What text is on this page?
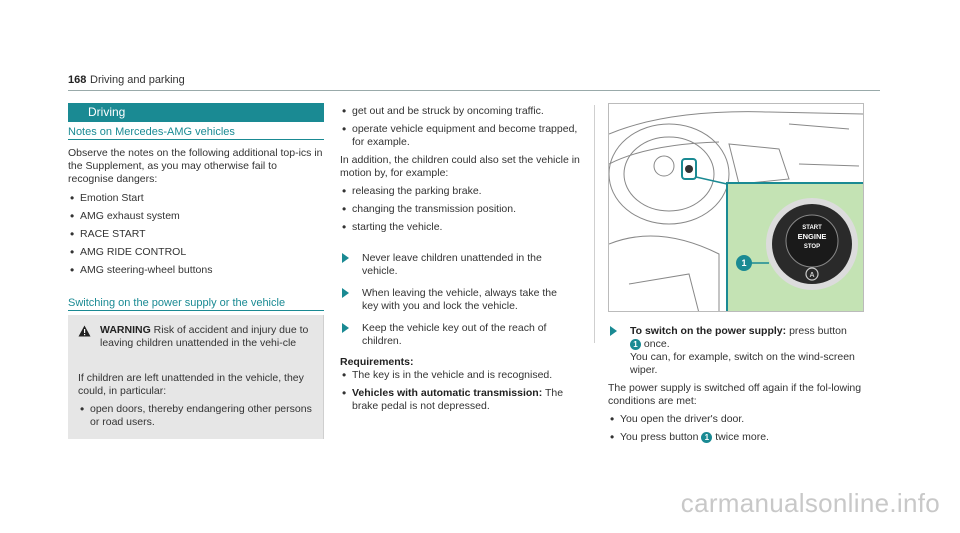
168 Driving and parking
Driving
Notes on Mercedes-AMG vehicles

Observe the notes on the following additional top-ics in the Supplement, as you may otherwise fail to recognise dangers:

• Emotion Start
• AMG exhaust system
• RACE START
• AMG RIDE CONTROL
• AMG steering-wheel buttons
Switching on the power supply or the vehicle
WARNING Risk of accident and injury due to leaving children unattended in the vehi-cle

If children are left unattended in the vehicle, they could, in particular:

• open doors, thereby endangering other persons or road users.
• get out and be struck by oncoming traffic.
• operate vehicle equipment and become trapped, for example.

In addition, the children could also set the vehicle in motion by, for example:

• releasing the parking brake.
• changing the transmission position.
• starting the vehicle.
Never leave children unattended in the vehicle.
When leaving the vehicle, always take the key with you and lock the vehicle.
Keep the vehicle key out of the reach of children.

Requirements:

• The key is in the vehicle and is recognised.
• Vehicles with automatic transmission: The brake pedal is not depressed.
1
START
ENGINE
STOP
A
To switch on the power supply: press button
1 once.

You can, for example, switch on the wind-screen wiper.

The power supply is switched off again if the fol-lowing conditions are met:

• You open the driver's door.
• You press button 1 twice more.
carmanualsonline.info
